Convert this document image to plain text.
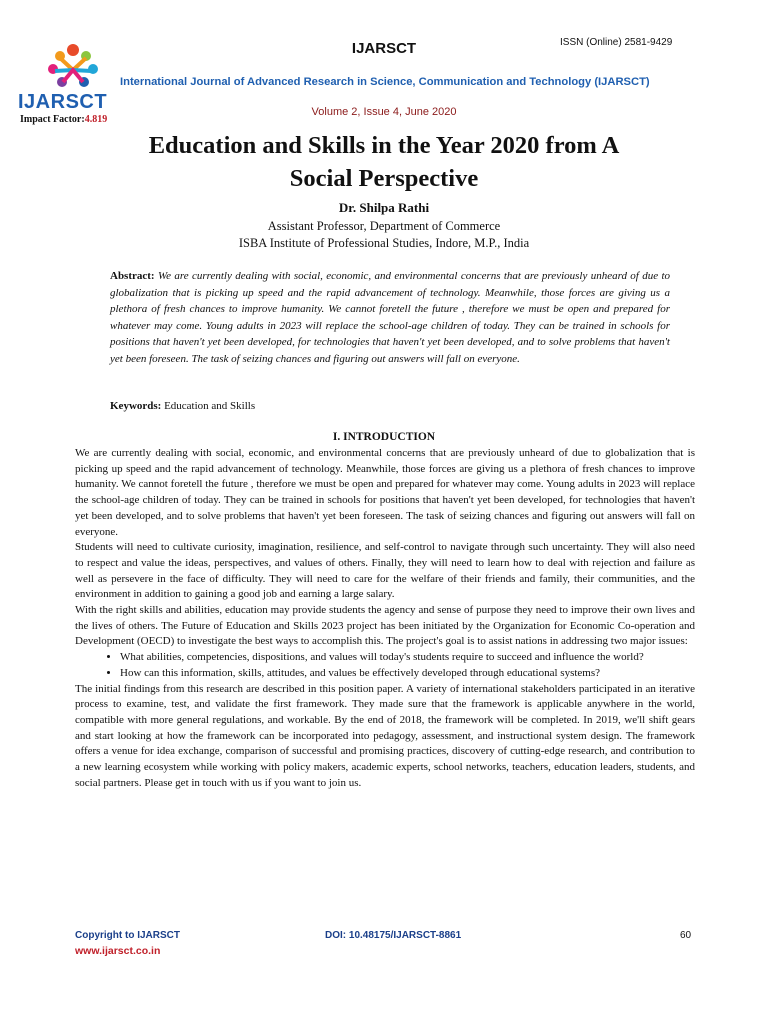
IJARSCT
Impact Factor:4.819
IJARSCT	ISSN (Online) 2581-9429
International Journal of Advanced Research in Science, Communication and Technology (IJARSCT)
Volume 2, Issue 4, June 2020
Education and Skills in the Year 2020 from A
Social Perspective
Dr. Shilpa Rathi
Assistant Professor, Department of Commerce
ISBA Institute of Professional Studies, Indore, M.P., India
Abstract: We are currently dealing with social, economic, and environmental concerns that are previously unheard of due to globalization that is picking up speed and the rapid advancement of technology. Meanwhile, those forces are giving us a plethora of fresh chances to improve humanity. We cannot foretell the future , therefore we must be open and prepared for whatever may come. Young adults in 2023 will replace the school-age children of today. They can be trained in schools for positions that haven't yet been developed, for technologies that haven't yet been developed, and to solve problems that haven't yet been foreseen. The task of seizing chances and figuring out answers will fall on everyone.
Keywords: Education and Skills
I. INTRODUCTION

We are currently dealing with social, economic, and environmental concerns that are previously unheard of due to globalization that is picking up speed and the rapid advancement of technology. Meanwhile, those forces are giving us a plethora of fresh chances to improve humanity. We cannot foretell the future , therefore we must be open and prepared for whatever may come. Young adults in 2023 will replace the school-age children of today. They can be trained in schools for positions that haven't yet been developed, for technologies that haven't yet been developed, and to solve problems that haven't yet been foreseen. The task of seizing chances and figuring out answers will fall on everyone.

Students will need to cultivate curiosity, imagination, resilience, and self-control to navigate through such uncertainty. They will also need to respect and value the ideas, perspectives, and values of others. Finally, they will need to learn how to deal with rejection and failure as well as persevere in the face of difficulty. They will need to care for the welfare of their friends and family, their communities, and the environment in addition to gaining a good job and earning a large salary.

With the right skills and abilities, education may provide students the agency and sense of purpose they need to improve their own lives and the lives of others. The Future of Education and Skills 2023 project has been initiated by the Organization for Economic Co-operation and Development (OECD) to investigate the best ways to accomplish this. The project's goal is to assist nations in addressing two major issues:

• What abilities, competencies, dispositions, and values will today's students require to succeed and influence the world?
• How can this information, skills, attitudes, and values be effectively developed through educational systems?

The initial findings from this research are described in this position paper. A variety of international stakeholders participated in an iterative process to examine, test, and validate the first framework. They made sure that the framework is applicable anywhere in the world, compatible with more general regulations, and workable. By the end of 2018, the framework will be completed. In 2019, we'll shift gears and start looking at how the framework can be incorporated into pedagogy, assessment, and instructional system design. The framework offers a venue for idea exchange, comparison of successful and promising practices, discovery of cutting-edge research, and contribution to a new learning ecosystem while working with policy makers, academic experts, school networks, teachers, education leaders, students, and social partners. Please get in touch with us if you want to join us.

Copyright to IJARSCT
www.ijarsct.co.in
DOI: 10.48175/IJARSCT-8861	60
